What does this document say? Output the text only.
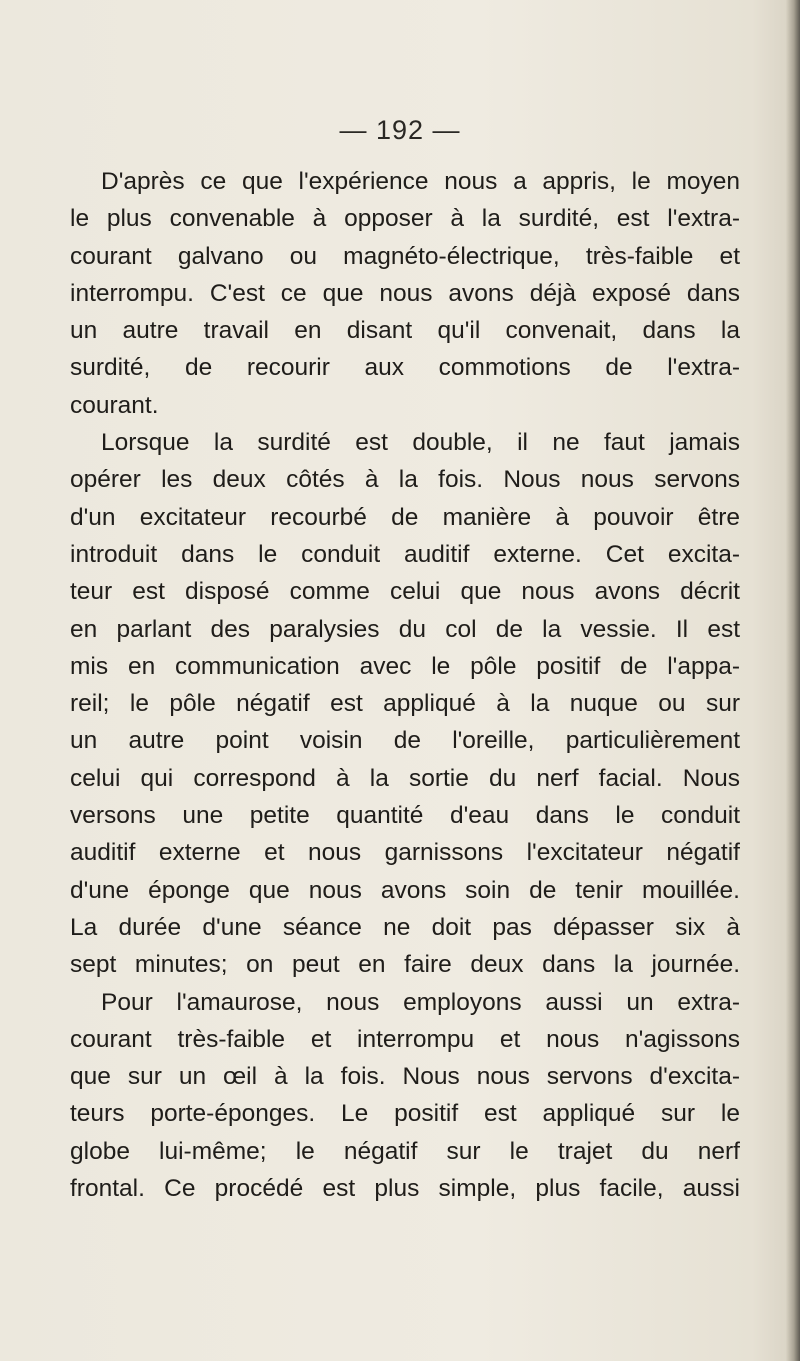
— 192 —
D'après ce que l'expérience nous a appris, le moyen
le plus convenable à opposer à la surdité, est l'extra-
courant galvano ou magnéto-électrique, très-faible et
interrompu. C'est ce que nous avons déjà exposé dans
un autre travail en disant qu'il convenait, dans la
surdité, de recourir aux commotions de l'extra-
courant.
Lorsque la surdité est double, il ne faut jamais
opérer les deux côtés à la fois. Nous nous servons
d'un excitateur recourbé de manière à pouvoir être
introduit dans le conduit auditif externe. Cet excita-
teur est disposé comme celui que nous avons décrit
en parlant des paralysies du col de la vessie. Il est
mis en communication avec le pôle positif de l'appa-
reil; le pôle négatif est appliqué à la nuque ou sur
un autre point voisin de l'oreille, particulièrement
celui qui correspond à la sortie du nerf facial. Nous
versons une petite quantité d'eau dans le conduit
auditif externe et nous garnissons l'excitateur négatif
d'une éponge que nous avons soin de tenir mouillée.
La durée d'une séance ne doit pas dépasser six à
sept minutes; on peut en faire deux dans la journée.
Pour l'amaurose, nous employons aussi un extra-
courant très-faible et interrompu et nous n'agissons
que sur un œil à la fois. Nous nous servons d'excita-
teurs porte-éponges. Le positif est appliqué sur le
globe lui-même; le négatif sur le trajet du nerf
frontal. Ce procédé est plus simple, plus facile, aussi
